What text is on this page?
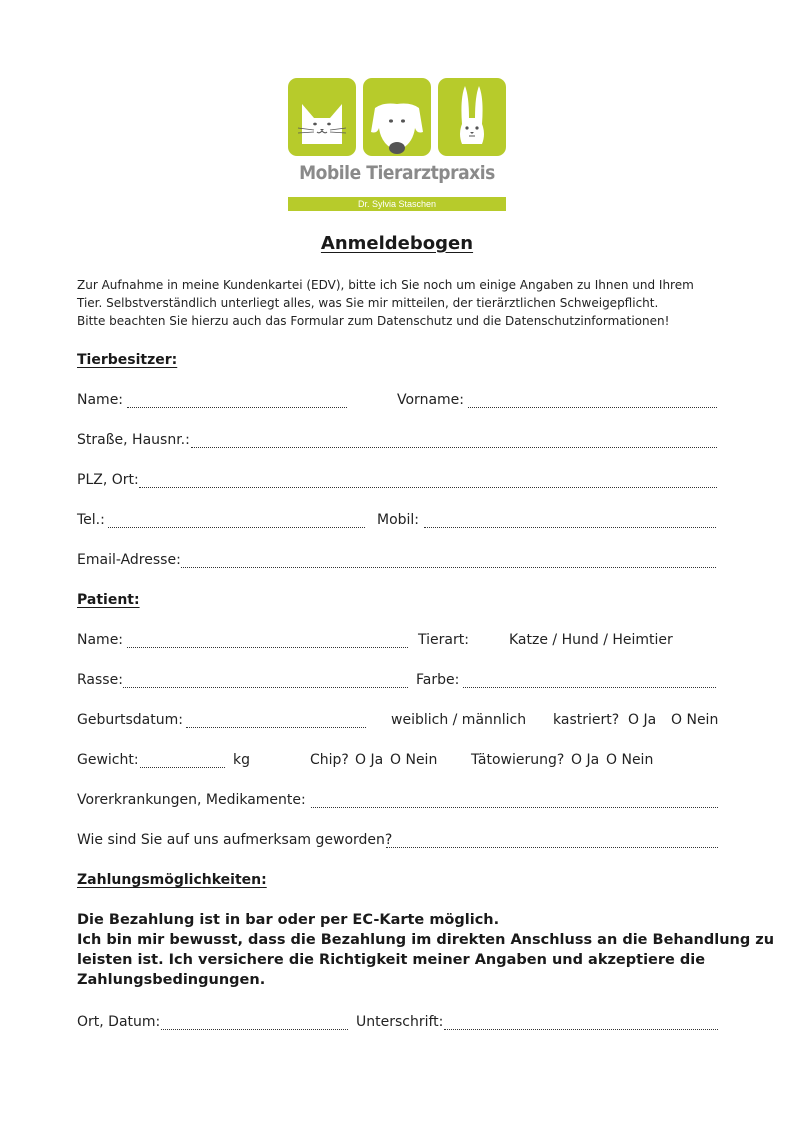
Mobile Tierarztpraxis
Dr. Sylvia Staschen
Anmeldebogen
Zur Aufnahme in meine Kundenkartei (EDV), bitte ich Sie noch um einige Angaben zu Ihnen und Ihrem
Tier. Selbstverständlich unterliegt alles, was Sie mir mitteilen, der tierärztlichen Schweigepflicht.
Bitte beachten Sie hierzu auch das Formular zum Datenschutz und die Datenschutzinformationen!
Tierbesitzer:
Name:	Vorname:
Straße, Hausnr.:
PLZ, Ort:
Tel.:	Mobil:
Email-Adresse:
Patient:
Name:	Tierart:	Katze / Hund / Heimtier
Rasse:	Farbe:
Geburtsdatum:	weiblich / männlich kastriert? O Ja O Nein
Gewicht:	kg	Chip? O Ja O Nein Tätowierung? O Ja O Nein
Vorerkrankungen, Medikamente:
Wie sind Sie auf uns aufmerksam geworden?
Zahlungsmöglichkeiten:
Die Bezahlung ist in bar oder per EC-Karte möglich.
Ich bin mir bewusst, dass die Bezahlung im direkten Anschluss an die Behandlung zu
leisten ist. Ich versichere die Richtigkeit meiner Angaben und akzeptiere die
Zahlungsbedingungen.
Ort, Datum:	Unterschrift:
